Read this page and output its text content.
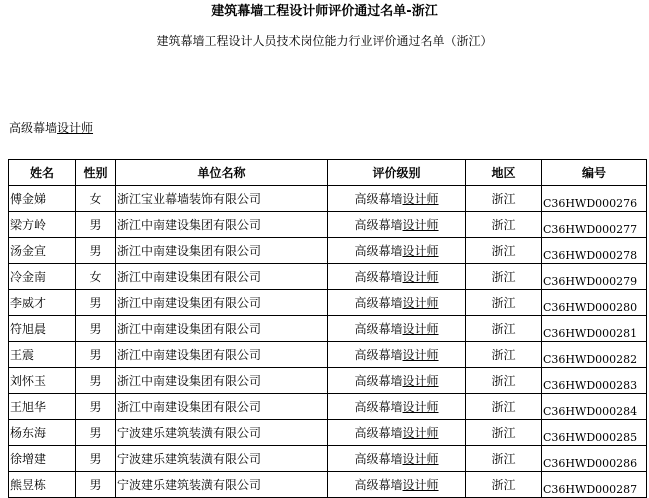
建筑幕墙工程设计师评价通过名单-浙江
建筑幕墙工程设计人员技术岗位能力行业评价通过名单（浙江）
高级幕墙设计师
姓名	性别	单位名称	评价级别	地区	编号
傅金娣	女	浙江宝业幕墙装饰有限公司	高级幕墙设计师	浙江	C36HWD000276
梁方岭	男	浙江中南建设集团有限公司	高级幕墙设计师	浙江	C36HWD000277
汤金宣	男	浙江中南建设集团有限公司	高级幕墙设计师	浙江	C36HWD000278
冷金南	女	浙江中南建设集团有限公司	高级幕墙设计师	浙江	C36HWD000279
李威才	男	浙江中南建设集团有限公司	高级幕墙设计师	浙江	C36HWD000280
符旭晨	男	浙江中南建设集团有限公司	高级幕墙设计师	浙江	C36HWD000281
王震	男	浙江中南建设集团有限公司	高级幕墙设计师	浙江	C36HWD000282
刘怀玉	男	浙江中南建设集团有限公司	高级幕墙设计师	浙江	C36HWD000283
王旭华	男	浙江中南建设集团有限公司	高级幕墙设计师	浙江	C36HWD000284
杨东海	男	宁波建乐建筑装潢有限公司	高级幕墙设计师	浙江	C36HWD000285
徐增建	男	宁波建乐建筑装潢有限公司	高级幕墙设计师	浙江	C36HWD000286
熊昱栋	男	宁波建乐建筑装潢有限公司	高级幕墙设计师	浙江	C36HWD000287
